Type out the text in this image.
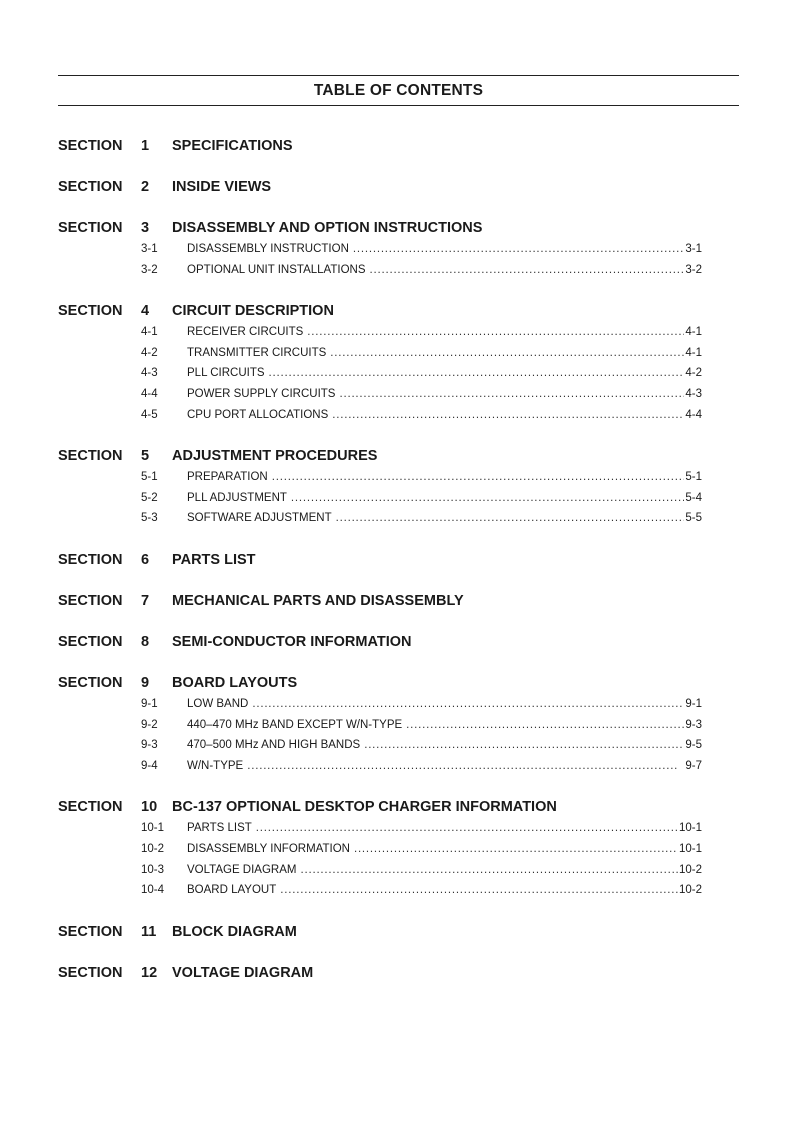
TABLE OF CONTENTS
SECTION 1 SPECIFICATIONS
SECTION 2 INSIDE VIEWS
SECTION 3 DISASSEMBLY AND OPTION INSTRUCTIONS
3-1	DISASSEMBLY INSTRUCTION . . .	3-1
3-2	OPTIONAL UNIT INSTALLATIONS . . .	3-2
SECTION 4 CIRCUIT DESCRIPTION
4-1	RECEIVER CIRCUITS . . .	4-1
4-2	TRANSMITTER CIRCUITS . . .	4-1
4-3	PLL CIRCUITS . . .	4-2
4-4	POWER SUPPLY CIRCUITS . . .	4-3
4-5	CPU PORT ALLOCATIONS . . .	4-4
SECTION 5 ADJUSTMENT PROCEDURES
5-1	PREPARATION . . .	5-1
5-2	PLL ADJUSTMENT . . .	5-4
5-3	SOFTWARE ADJUSTMENT . . .	5-5
SECTION 6 PARTS LIST
SECTION 7 MECHANICAL PARTS AND DISASSEMBLY
SECTION 8 SEMI-CONDUCTOR INFORMATION
SECTION 9 BOARD LAYOUTS
9-1	LOW BAND . . .	9-1
9-2	440–470 MHz BAND EXCEPT W/N-TYPE . . .	9-3
9-3	470–500 MHz AND HIGH BANDS . . .	9-5
9-4	W/N-TYPE . . .	9-7
SECTION 10 BC-137 OPTIONAL DESKTOP CHARGER INFORMATION
10-1 PARTS LIST . . .	10-1
10-2 DISASSEMBLY INFORMATION . . .	10-1
10-3 VOLTAGE DIAGRAM . . .	10-2
10-4 BOARD LAYOUT . . .	10-2
SECTION 11 BLOCK DIAGRAM
SECTION 12 VOLTAGE DIAGRAM
